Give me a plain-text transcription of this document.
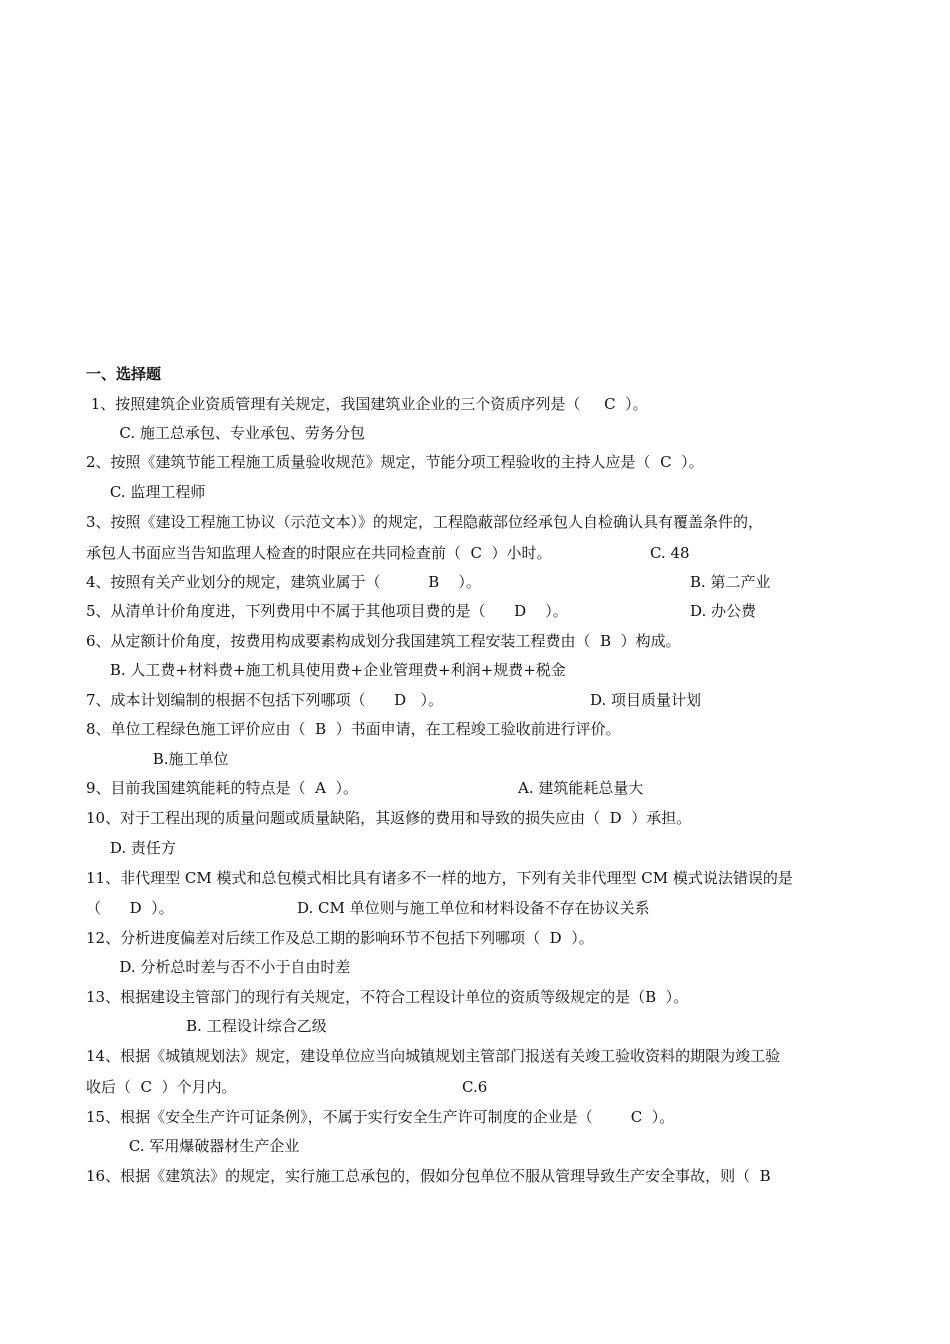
一、选择题
1、按照建筑企业资质管理有关规定，我国建筑业企业的三个资质序列是（     C  ）。
C. 施工总承包、专业承包、劳务分包
2、按照《建筑节能工程施工质量验收规范》规定，节能分项工程验收的主持人应是（  C  ）。
C. 监理工程师
3、按照《建设工程施工协议（示范文本）》的规定，工程隐蔽部位经承包人自检确认具有覆盖条件的，
承包人书面应当告知监理人检查的时限应在共同检查前（  C  ）小时。	C. 48
4、按照有关产业划分的规定，建筑业属于（          B    ）。	B. 第二产业
5、从清单计价角度进，下列费用中不属于其他项目费的是（      D    ）。	D. 办公费
6、从定额计价角度，按费用构成要素构成划分我国建筑工程安装工程费由（  B  ）构成。
B. 人工费+材料费+施工机具使用费+企业管理费+利润+规费+税金
7、成本计划编制的根据不包括下列哪项（      D   ）。	D. 项目质量计划
8、单位工程绿色施工评价应由（  B  ）书面申请，在工程竣工验收前进行评价。
B.施工单位
9、目前我国建筑能耗的特点是（  A  ）。	A. 建筑能耗总量大
10、对于工程出现的质量问题或质量缺陷，其返修的费用和导致的损失应由（  D  ）承担。
D. 责任方
11、非代理型 CM 模式和总包模式相比具有诸多不一样的地方，下列有关非代理型 CM 模式说法错误的是
（      D  ）。	D. CM 单位则与施工单位和材料设备不存在协议关系
12、分析进度偏差对后续工作及总工期的影响环节不包括下列哪项（  D  ）。
D. 分析总时差与否不小于自由时差
13、根据建设主管部门的现行有关规定，不符合工程设计单位的资质等级规定的是（B  ）。
B. 工程设计综合乙级
14、根据《城镇规划法》规定，建设单位应当向城镇规划主管部门报送有关竣工验收资料的期限为竣工验
收后（  C  ）个月内。	C.6
15、根据《安全生产许可证条例》，不属于实行安全生产许可制度的企业是（        C  ）。
C. 军用爆破器材生产企业
16、根据《建筑法》的规定，实行施工总承包的，假如分包单位不服从管理导致生产安全事故，则（  B
